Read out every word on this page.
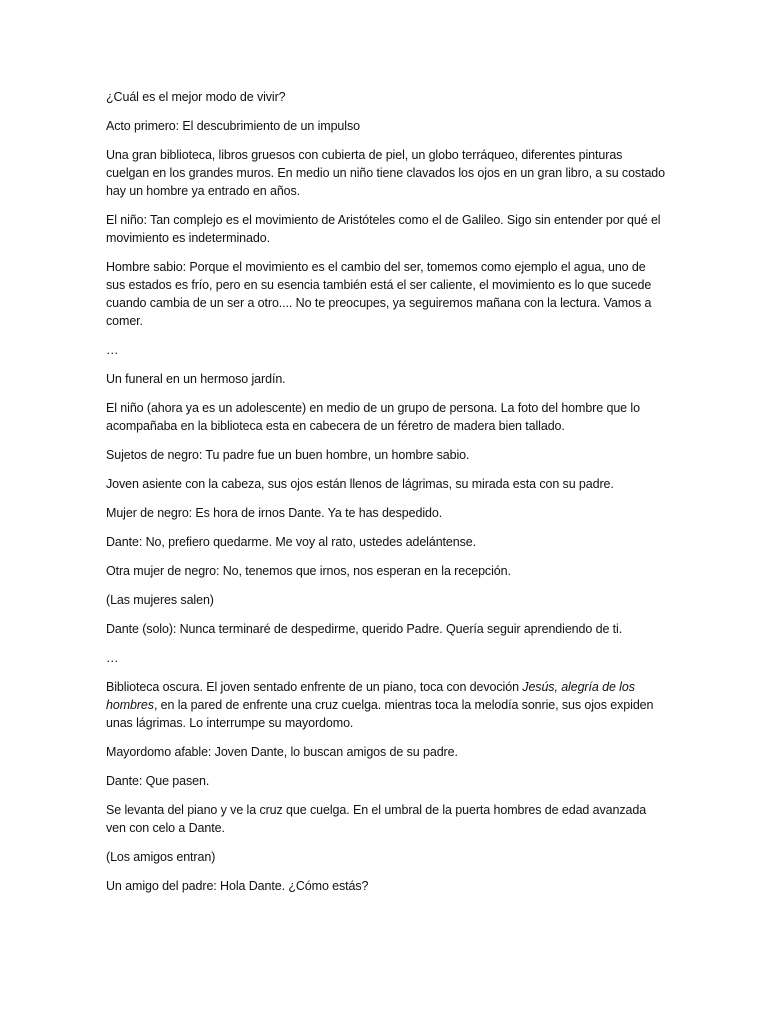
¿Cuál es el mejor modo de vivir?

Acto primero: El descubrimiento de un impulso

Una gran biblioteca, libros gruesos con cubierta de piel, un globo terráqueo, diferentes pinturas cuelgan en los grandes muros. En medio un niño tiene clavados los ojos en un gran libro, a su costado hay un hombre ya entrado en años.

El niño: Tan complejo es el movimiento de Aristóteles como el de Galileo. Sigo sin entender por qué el movimiento es indeterminado.

Hombre sabio: Porque el movimiento es el cambio del ser, tomemos como ejemplo el agua, uno de sus estados es frío, pero en su esencia también está el ser caliente, el movimiento es lo que sucede cuando cambia de un ser a otro.... No te preocupes, ya seguiremos mañana con la lectura. Vamos a comer.

…

Un funeral en un hermoso jardín.

El niño (ahora ya es un adolescente) en medio de un grupo de persona. La foto del hombre que lo acompañaba en la biblioteca esta en cabecera de un féretro de madera bien tallado.

Sujetos de negro: Tu padre fue un buen hombre, un hombre sabio.

Joven asiente con la cabeza, sus ojos están llenos de lágrimas, su mirada esta con su padre.

Mujer de negro: Es hora de irnos Dante. Ya te has despedido.

Dante: No, prefiero quedarme. Me voy al rato, ustedes adelántense.

Otra mujer de negro: No, tenemos que irnos, nos esperan en la recepción.

(Las mujeres salen)

Dante (solo): Nunca terminaré de despedirme, querido Padre. Quería seguir aprendiendo de ti.

…

Biblioteca oscura. El joven sentado enfrente de un piano, toca con devoción Jesús, alegría de los hombres, en la pared de enfrente una cruz cuelga. mientras toca la melodía sonrie, sus ojos expiden unas lágrimas. Lo interrumpe su mayordomo.

Mayordomo afable: Joven Dante, lo buscan amigos de su padre.

Dante: Que pasen.

Se levanta del piano y ve la cruz que cuelga. En el umbral de la puerta hombres de edad avanzada ven con celo a Dante.

(Los amigos entran)

Un amigo del padre: Hola Dante. ¿Cómo estás?
